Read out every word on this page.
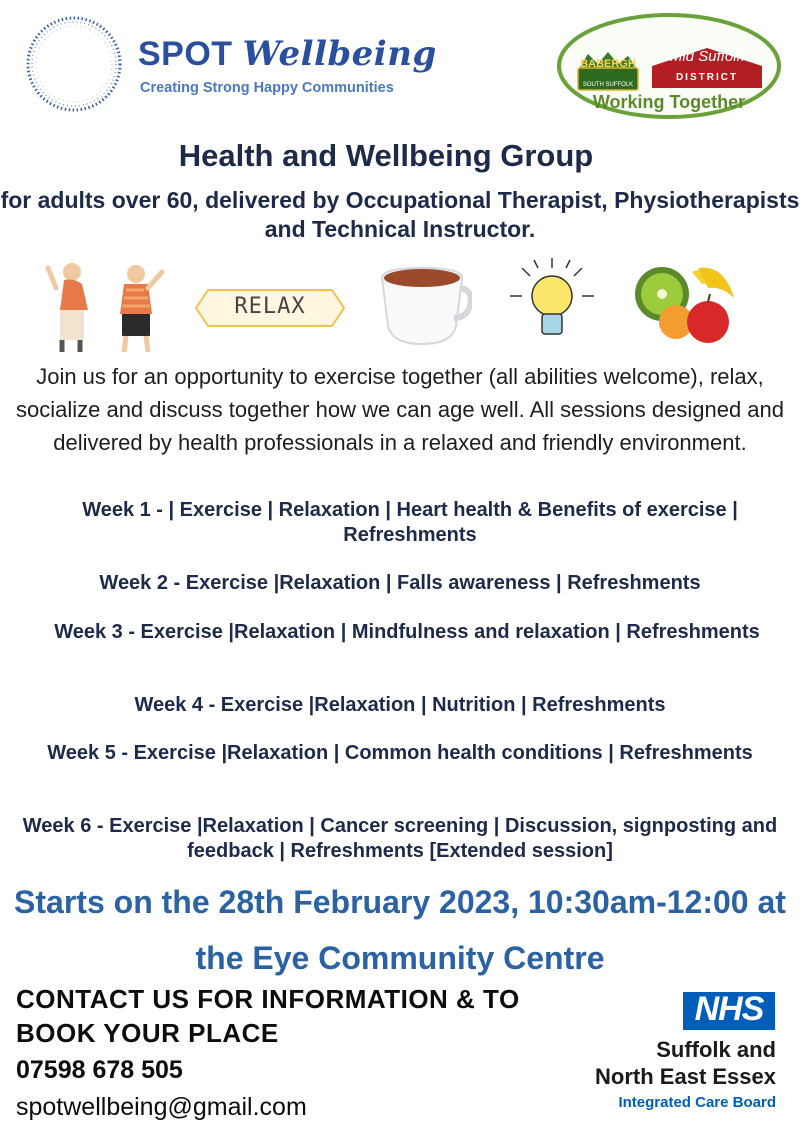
SPOT Wellbeing
Creating Strong Happy Communities
BABERGH
SOUTH SUFFOLK
Mid Suffolk
DISTRICT
Working Together
Health and Wellbeing Group
for adults over 60, delivered by Occupational Therapist, Physiotherapists and Technical Instructor.
RELAX
Join us for an opportunity to exercise together (all abilities welcome), relax, socialize and discuss together how we can age well. All sessions designed and delivered by health professionals in a relaxed and friendly environment.
Week 1 - | Exercise | Relaxation | Heart health & Benefits of exercise | Refreshments
Week 2 - Exercise |Relaxation | Falls awareness | Refreshments
Week 3 - Exercise |Relaxation | Mindfulness and relaxation | Refreshments
Week 4 - Exercise |Relaxation | Nutrition | Refreshments
Week 5 - Exercise |Relaxation | Common health conditions | Refreshments
Week 6 - Exercise |Relaxation | Cancer screening | Discussion, signposting and feedback | Refreshments [Extended session]
Starts on the 28th February 2023, 10:30am-12:00 at the Eye Community Centre
CONTACT US FOR INFORMATION & TO BOOK YOUR PLACE
07598 678 505
spotwellbeing@gmail.com
NHS
Suffolk and
North East Essex
Integrated Care Board
